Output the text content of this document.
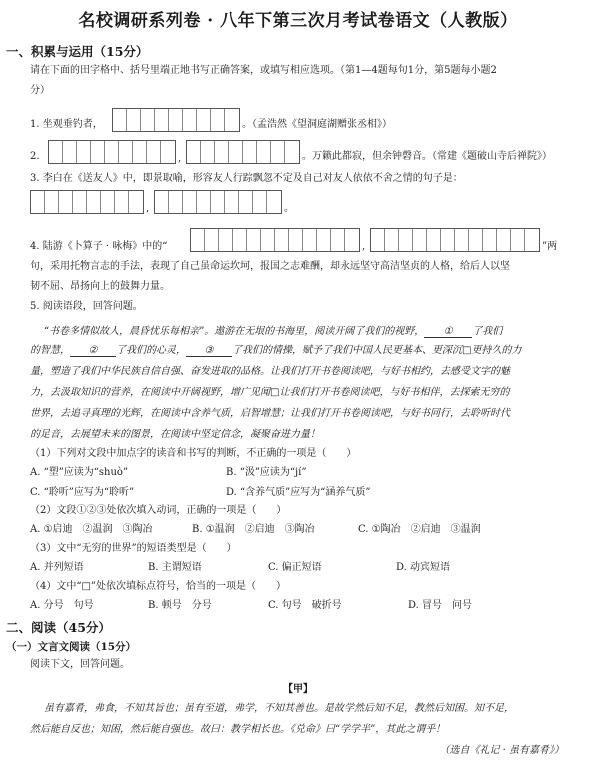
名校调研系列卷 · 八年下第三次月考试卷语文（人教版）
一、积累与运用（15分）
请在下面的田字格中、括号里端正地书写正确答案，或填写相应选项。（第1—4题每句1分，第5题每小题2
分）
1. 坐观垂钓者，	。（孟浩然《望洞庭湖赠张丞相》）
2.	,	。万籁此都寂，但余钟磬音。（常建《题破山寺后禅院》）
3. 李白在《送友人》中，即景取喻，形容友人行踪飘忽不定及自己对友人依依不舍之情的句子是：
,	。
4. 陆游《卜算子 · 咏梅》中的“	,	”两
句，采用托物言志的手法，表现了自己虽命运坎坷，报国之志难酬，却永远坚守高洁坚贞的人格，给后人以坚
韧不屈、昂扬向上的鼓舞力量。
5. 阅读语段，回答问题。
“书卷多情似故人，晨昏忧乐每相亲”。遨游在无垠的书海里，阅读开阔了我们的视野， ① 了我们
的智慧， ② 了我们的心灵， ③ 了我们的情操，赋予了我们中国人民更基本、更深沉□更持久的力
量，塑造了我们中华民族自信自强、奋发进取的品格。让我们打开书卷阅读吧，与好书相约，去感受文字的魅
力，去汲取知识的营养，在阅读中开阔视野，增广见闻□让我们打开书卷阅读吧，与好书相伴，去探索无穷的
世界，去追寻真理的光辉，在阅读中含养气质，启智增慧；让我们打开书卷阅读吧，与好书同行，去聆听时代
的足音，去展望未来的图景，在阅读中坚定信念，凝聚奋进力量！
（1）下列对文段中加点字的读音和书写的判断，不正确的一项是（　　）
A. “塑”应读为“shuò”	B. “汲”应读为“jí”
C. “聆听”应写为“聆听”	D. “含养气质”应写为“涵养气质”
（2）文段①②③处依次填入动词，正确的一项是（　　）
A. ①启迪　②温润　③陶冶	B. ①温润　②启迪　③陶冶	C. ①陶冶　②启迪　③温润
（3）文中“无穷的世界”的短语类型是（　　）
A. 并列短语	B. 主谓短语	C. 偏正短语	D. 动宾短语
（4）文中“□”处依次填标点符号，恰当的一项是（　　）
A. 分号　句号	B. 顿号　分号	C. 句号　破折号	D. 冒号　问号
二、阅读（45分）
（一）文言文阅读（15分）
阅读下文，回答问题。
【甲】
虽有嘉肴，弗食，不知其旨也；虽有至道，弗学，不知其善也。是故学然后知不足，教然后知困。知不足，
然后能自反也；知困，然后能自强也。故曰：教学相长也。《兑命》曰“学学半”，其此之谓乎！
（选自《礼记 · 虽有嘉肴》）
